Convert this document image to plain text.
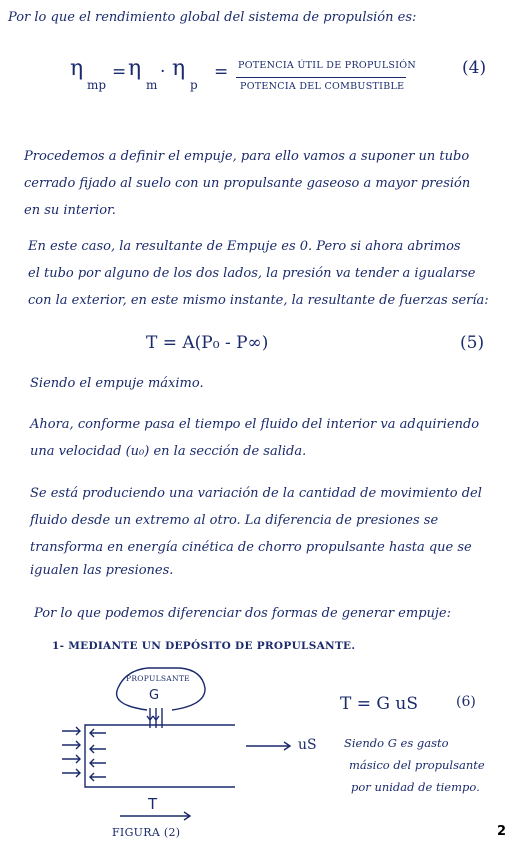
Por lo que el rendimiento global del sistema de propulsión es:
η
mp
= η
m
· η
p
= POTENCIA ÚTIL DE PROPULSIÓN
POTENCIA DEL COMBUSTIBLE
(4)
Procedemos a definir el empuje, para ello vamos a suponer un tubo
cerrado fijado al suelo con un propulsante gaseoso a mayor presión
en su interior.
En este caso, la resultante de Empuje es 0. Pero si ahora abrimos
el tubo por alguno de los dos lados, la presión va tender a igualarse
con la exterior, en este mismo instante, la resultante de fuerzas sería:
T = A(P₀ - P∞)	(5)
Siendo el empuje máximo.
Ahora, conforme pasa el tiempo el fluido del interior va adquiriendo
una velocidad (u₀) en la sección de salida.
Se está produciendo una variación de la cantidad de movimiento del
fluido desde un extremo al otro. La diferencia de presiones se
transforma en energía cinética de chorro propulsante hasta que se
igualen las presiones.
Por lo que podemos diferenciar dos formas de generar empuje:
1- MEDIANTE UN DEPÓSITO DE PROPULSANTE.
PROPULSANTE
G
uS
T
FIGURA (2)
T = G uS	(6)
Siendo G es gasto
másico del propulsante
por unidad de tiempo.
2
